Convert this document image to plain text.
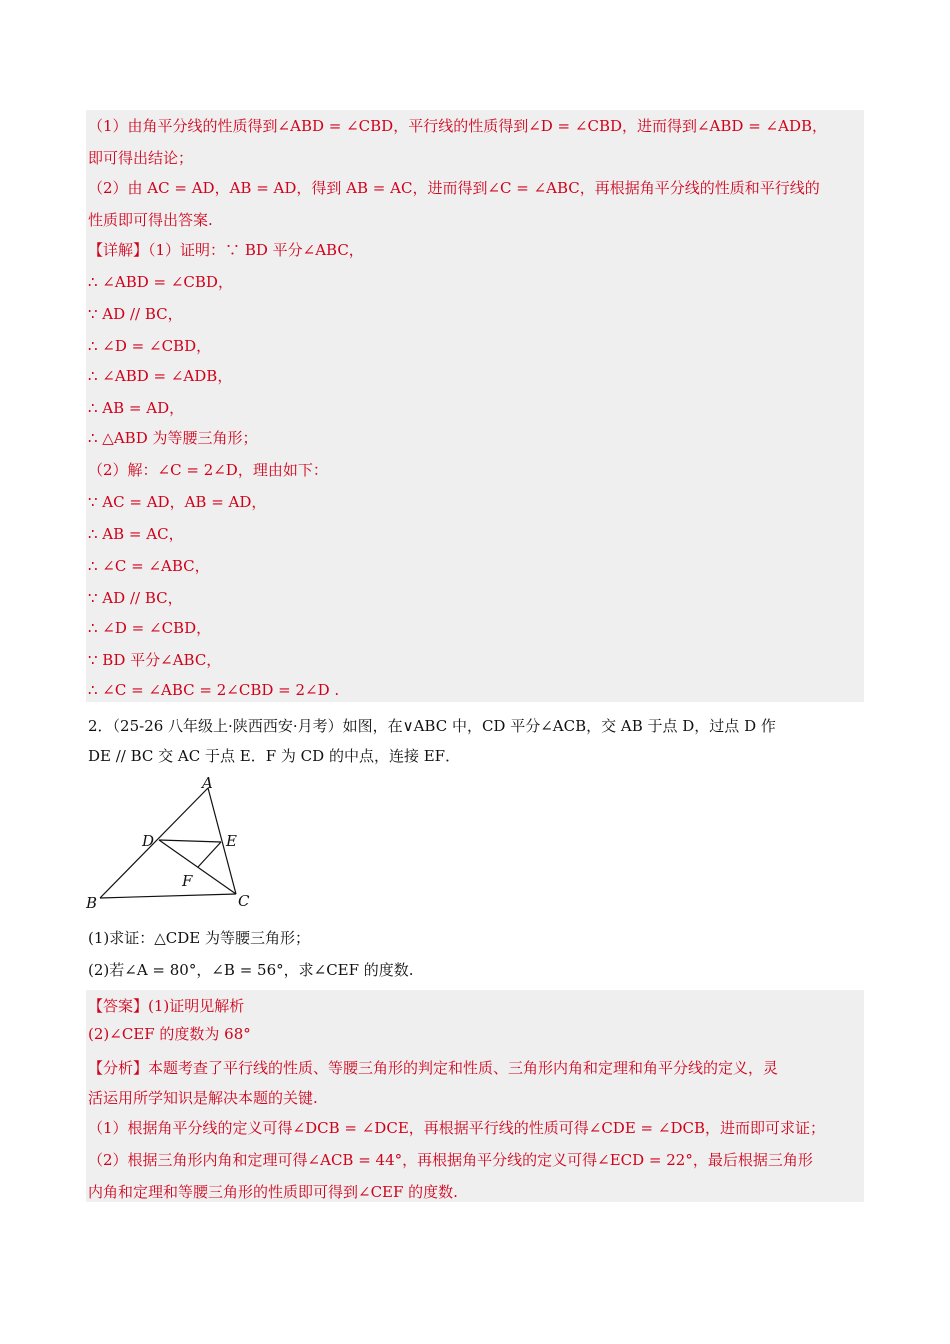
（1）由角平分线的性质得到∠ABD = ∠CBD，平行线的性质得到∠D = ∠CBD，进而得到∠ABD = ∠ADB，
即可得出结论；
（2）由 AC = AD，AB = AD，得到 AB = AC，进而得到∠C = ∠ABC，再根据角平分线的性质和平行线的
性质即可得出答案.
【详解】（1）证明：∵ BD 平分∠ABC，
∴ ∠ABD = ∠CBD，
∵ AD // BC，
∴ ∠D = ∠CBD，
∴ ∠ABD = ∠ADB，
∴ AB = AD，
∴ △ABD 为等腰三角形；
（2）解：∠C = 2∠D，理由如下：
∵ AC = AD，AB = AD，
∴ AB = AC，
∴ ∠C = ∠ABC，
∵ AD // BC，
∴ ∠D = ∠CBD，
∵ BD 平分∠ABC，
∴ ∠C = ∠ABC = 2∠CBD = 2∠D .
2．（25-26 八年级上·陕西西安·月考）如图，在∨ABC 中，CD 平分∠ACB，交 AB 于点 D，过点 D 作
DE // BC 交 AC 于点 E．F 为 CD 的中点，连接 EF．
A
B	C
D	E
F
(1)求证：△CDE 为等腰三角形；
(2)若∠A = 80°，∠B = 56°，求∠CEF 的度数.
【答案】(1)证明见解析
(2)∠CEF 的度数为 68°
【分析】本题考查了平行线的性质、等腰三角形的判定和性质、三角形内角和定理和角平分线的定义，灵
活运用所学知识是解决本题的关键.
（1）根据角平分线的定义可得∠DCB = ∠DCE，再根据平行线的性质可得∠CDE = ∠DCB，进而即可求证；
（2）根据三角形内角和定理可得∠ACB = 44°，再根据角平分线的定义可得∠ECD = 22°，最后根据三角形
内角和定理和等腰三角形的性质即可得到∠CEF 的度数.
